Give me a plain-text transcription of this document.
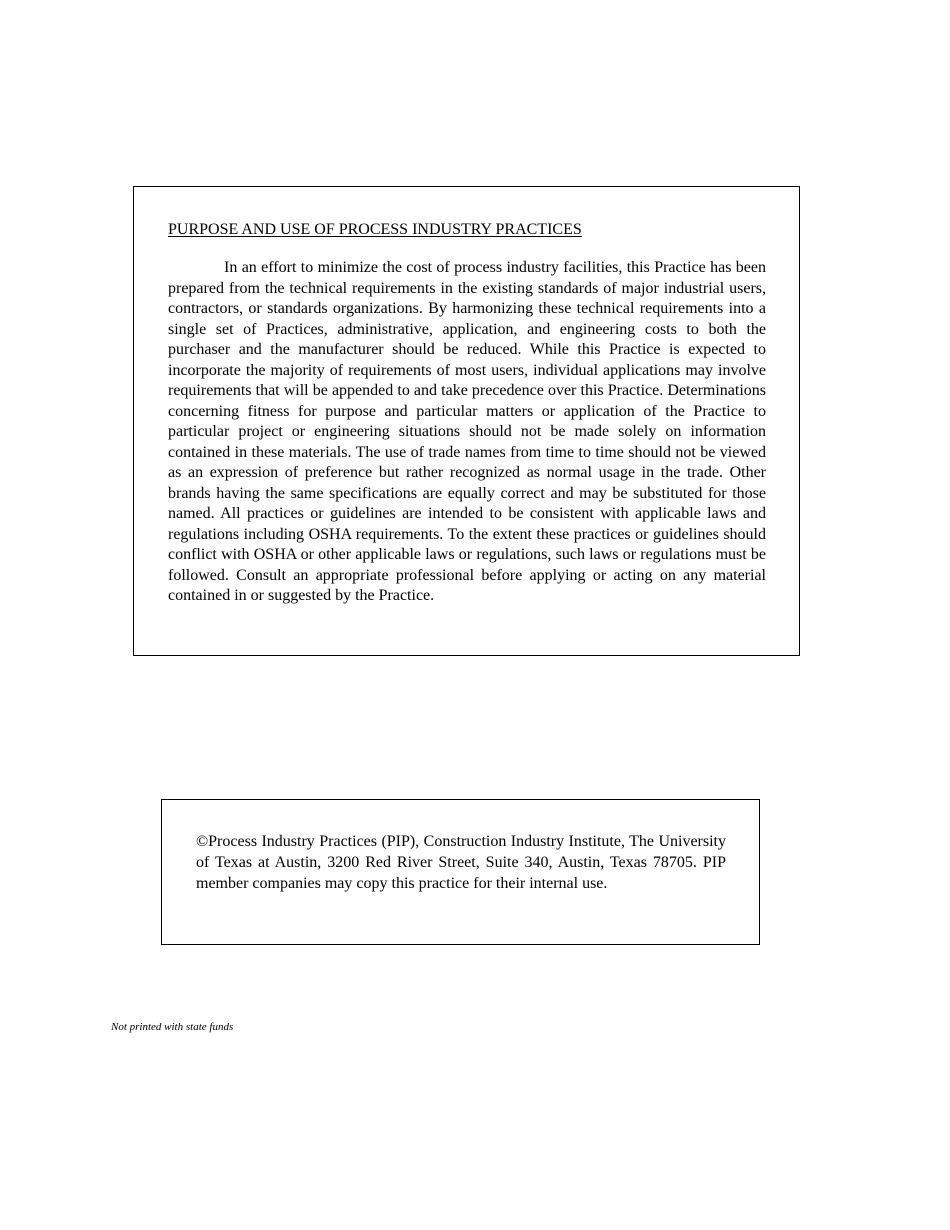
PURPOSE AND USE OF PROCESS INDUSTRY PRACTICES

In an effort to minimize the cost of process industry facilities, this Practice has been prepared from the technical requirements in the existing standards of major industrial users, contractors, or standards organizations. By harmonizing these technical requirements into a single set of Practices, administrative, application, and engineering costs to both the purchaser and the manufacturer should be reduced. While this Practice is expected to incorporate the majority of requirements of most users, individual applications may involve requirements that will be appended to and take precedence over this Practice. Determinations concerning fitness for purpose and particular matters or application of the Practice to particular project or engineering situations should not be made solely on information contained in these materials. The use of trade names from time to time should not be viewed as an expression of preference but rather recognized as normal usage in the trade. Other brands having the same specifications are equally correct and may be substituted for those named. All practices or guidelines are intended to be consistent with applicable laws and regulations including OSHA requirements. To the extent these practices or guidelines should conflict with OSHA or other applicable laws or regulations, such laws or regulations must be followed. Consult an appropriate professional before applying or acting on any material contained in or suggested by the Practice.

©Process Industry Practices (PIP), Construction Industry Institute, The University of Texas at Austin, 3200 Red River Street, Suite 340, Austin, Texas 78705. PIP member companies may copy this practice for their internal use.

Not printed with state funds
